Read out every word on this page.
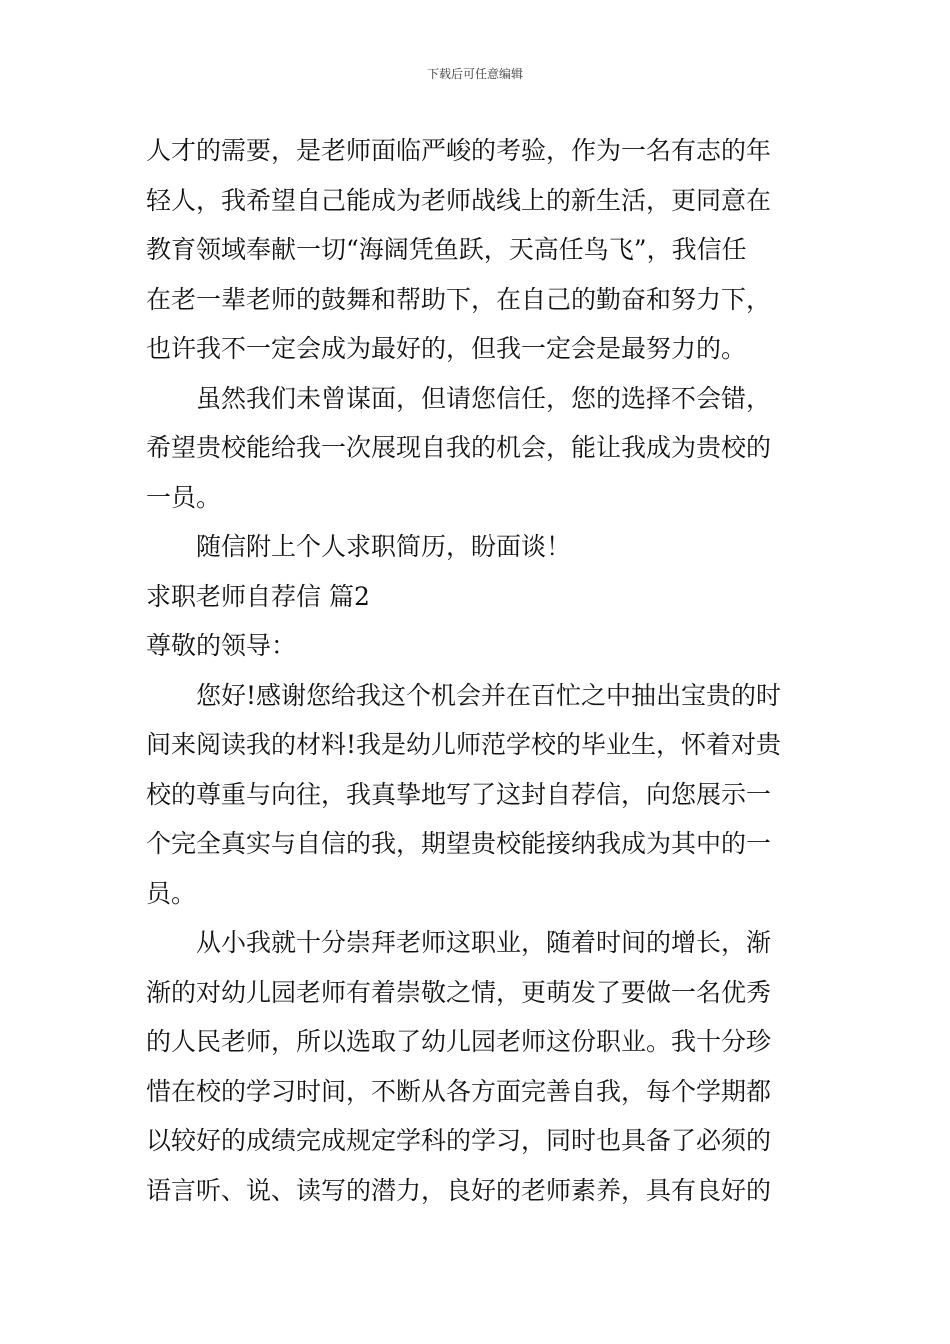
下载后可任意编辑
人才的需要，是老师面临严峻的考验，作为一名有志的年
轻人，我希望自己能成为老师战线上的新生活，更同意在
教育领域奉献一切“海阔凭鱼跃，天高任鸟飞”，我信任
在老一辈老师的鼓舞和帮助下，在自己的勤奋和努力下，
也许我不一定会成为最好的，但我一定会是最努力的。
虽然我们未曾谋面，但请您信任，您的选择不会错，
希望贵校能给我一次展现自我的机会，能让我成为贵校的
一员。
随信附上个人求职简历，盼面谈！
求职老师自荐信 篇2
尊敬的领导：
您好!感谢您给我这个机会并在百忙之中抽出宝贵的时
间来阅读我的材料!我是幼儿师范学校的毕业生，怀着对贵
校的尊重与向往，我真挚地写了这封自荐信，向您展示一
个完全真实与自信的我，期望贵校能接纳我成为其中的一
员。
从小我就十分崇拜老师这职业，随着时间的增长，渐
渐的对幼儿园老师有着崇敬之情，更萌发了要做一名优秀
的人民老师，所以选取了幼儿园老师这份职业。我十分珍
惜在校的学习时间，不断从各方面完善自我，每个学期都
以较好的成绩完成规定学科的学习，同时也具备了必须的
语言听、说、读写的潜力，良好的老师素养，具有良好的
